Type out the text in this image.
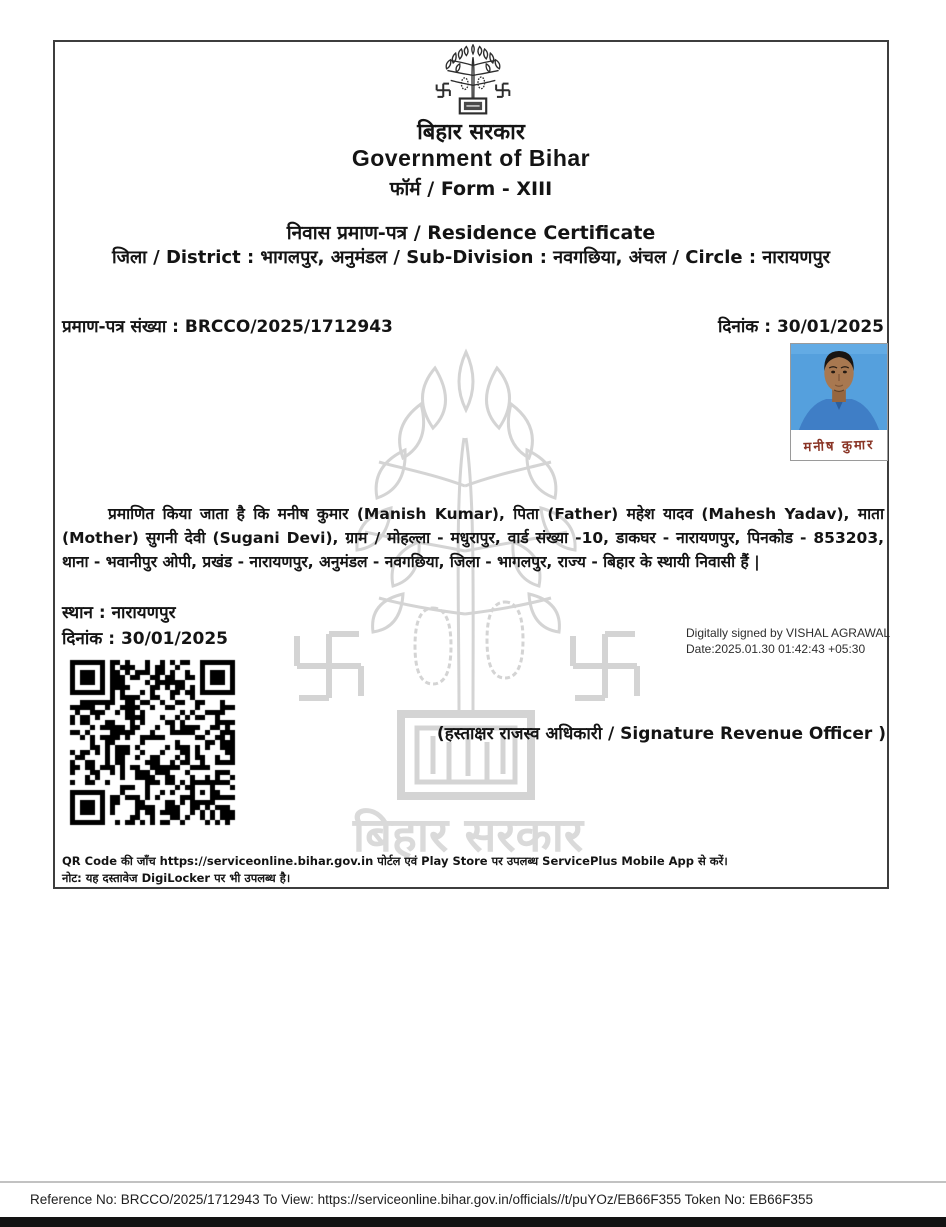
बिहार सरकार
बिहार सरकार
Government of Bihar
फॉर्म / Form - XIII
निवास प्रमाण-पत्र / Residence Certificate
जिला / District : भागलपुर, अनुमंडल / Sub-Division : नवगछिया, अंचल / Circle : नारायणपुर
प्रमाण-पत्र संख्या : BRCCO/2025/1712943	दिनांक : 30/01/2025
मनीष कुमार
प्रमाणित किया जाता है कि मनीष कुमार (Manish Kumar), पिता (Father) महेश यादव (Mahesh Yadav), माता (Mother) सुगनी देवी (Sugani Devi), ग्राम / मोहल्ला - मधुरापुर, वार्ड संख्या -10, डाकघर - नारायणपुर, पिनकोड - 853203, थाना - भवानीपुर ओपी, प्रखंड - नारायणपुर, अनुमंडल - नवगछिया, जिला - भागलपुर, राज्य - बिहार के स्थायी निवासी हैं |
स्थान : नारायणपुर
दिनांक : 30/01/2025	Digitally signed by VISHAL AGRAWAL
Date:2025.01.30 01:42:43 +05:30
(हस्ताक्षर राजस्व अधिकारी / Signature Revenue Officer )
QR Code की जाँच https://serviceonline.bihar.gov.in पोर्टल एवं Play Store पर उपलब्ध ServicePlus Mobile App से करें।
नोट: यह दस्तावेज DigiLocker पर भी उपलब्ध है।
Reference No: BRCCO/2025/1712943 To View: https://serviceonline.bihar.gov.in/officials//t/puYOz/EB66F355 Token No: EB66F355
